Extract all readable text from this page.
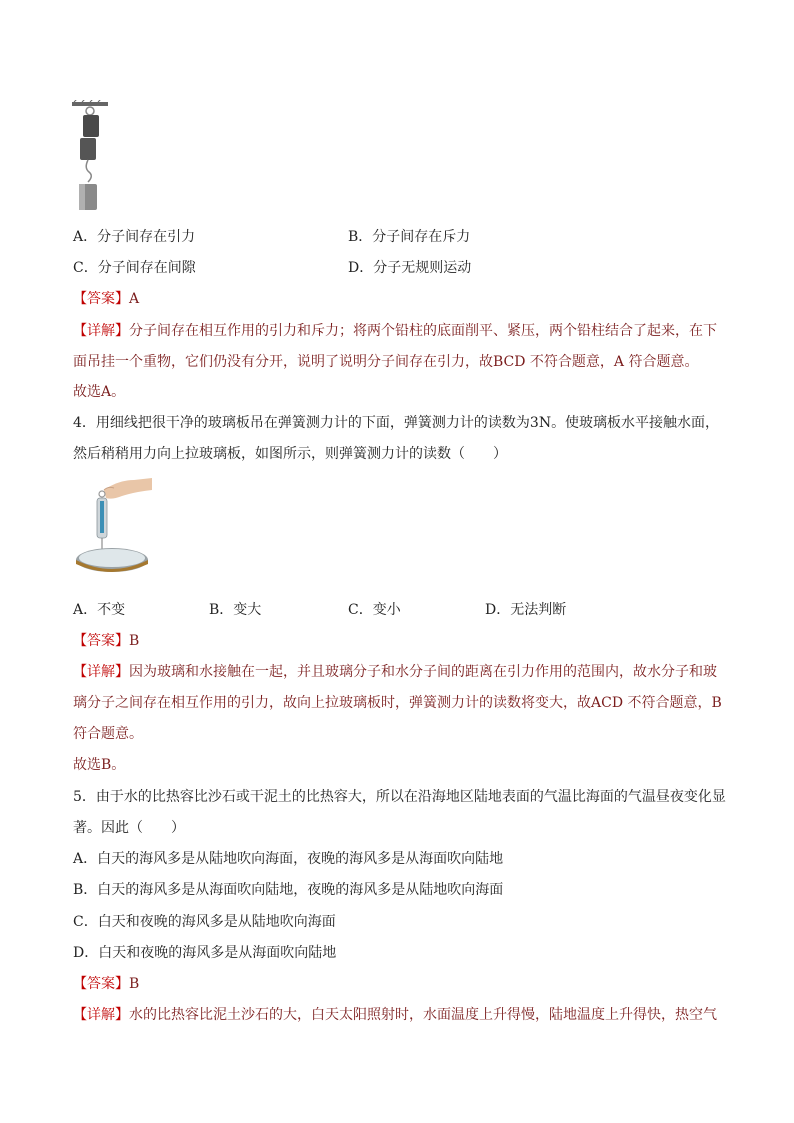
A．分子间存在引力	B．分子间存在斥力
C．分子间存在间隙	D．分子无规则运动
【答案】A
【详解】分子间存在相互作用的引力和斥力；将两个铅柱的底面削平、紧压，两个铅柱结合了起来，在下
面吊挂一个重物，它们仍没有分开，说明了说明分子间存在引力，故BCD 不符合题意，A 符合题意。
故选A。
4．用细线把很干净的玻璃板吊在弹簧测力计的下面，弹簧测力计的读数为3N。使玻璃板水平接触水面，
然后稍稍用力向上拉玻璃板，如图所示，则弹簧测力计的读数（　　）
A．不变	B．变大	C．变小	D．无法判断
【答案】B
【详解】因为玻璃和水接触在一起，并且玻璃分子和水分子间的距离在引力作用的范围内，故水分子和玻
璃分子之间存在相互作用的引力，故向上拉玻璃板时，弹簧测力计的读数将变大，故ACD 不符合题意，B
符合题意。
故选B。
5．由于水的比热容比沙石或干泥土的比热容大，所以在沿海地区陆地表面的气温比海面的气温昼夜变化显
著。因此（　　）
A．白天的海风多是从陆地吹向海面，夜晚的海风多是从海面吹向陆地
B．白天的海风多是从海面吹向陆地，夜晚的海风多是从陆地吹向海面
C．白天和夜晚的海风多是从陆地吹向海面
D．白天和夜晚的海风多是从海面吹向陆地
【答案】B
【详解】水的比热容比泥土沙石的大，白天太阳照射时，水面温度上升得慢，陆地温度上升得快，热空气
